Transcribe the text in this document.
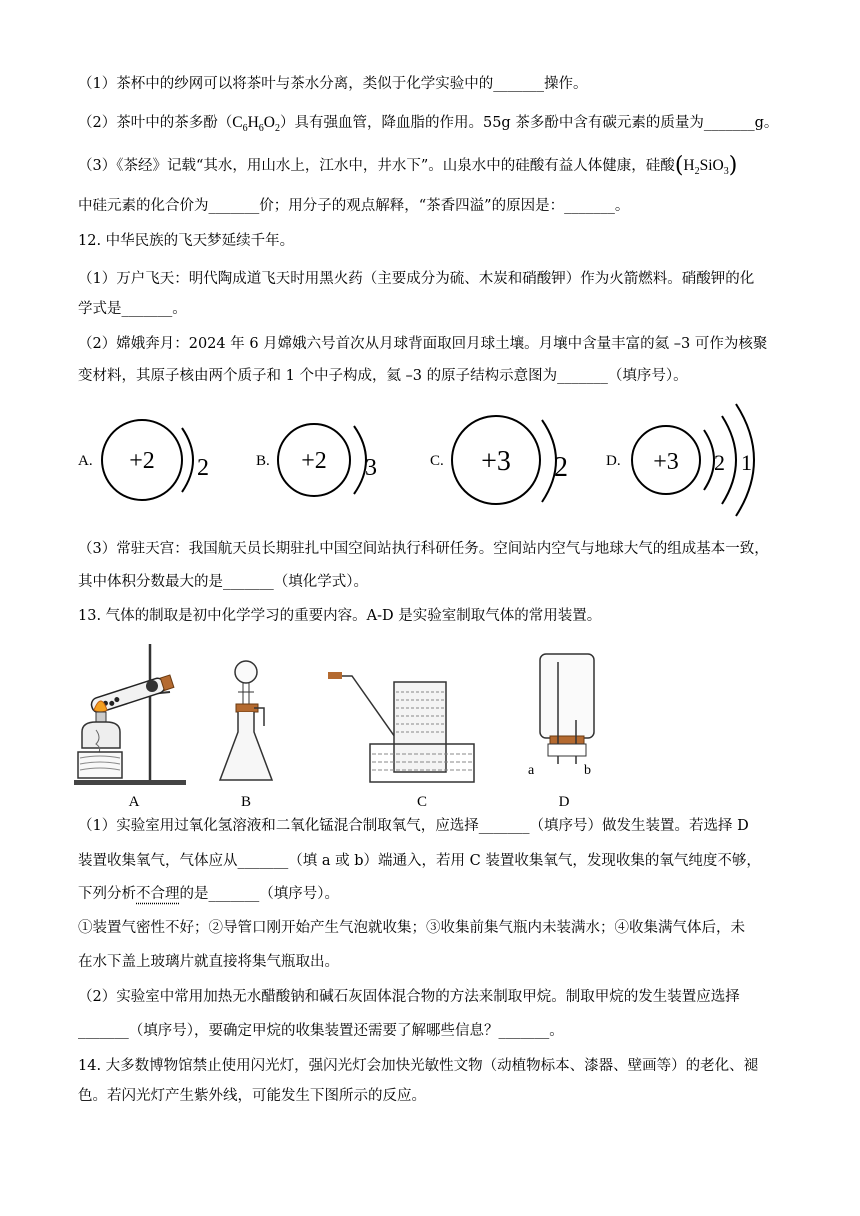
（1）茶杯中的纱网可以将茶叶与茶水分离，类似于化学实验中的_______操作。
（2）茶叶中的茶多酚$(C_6H_6O_2)$具有强血管，降血脂的作用。55g 茶多酚中含有碳元素的质量为_______g。
（3）《茶经》记载“其水，用山水上，江水中，井水下”。山泉水中的硅酸有益人体健康，硅酸$(H_2SiO_3)$
中硅元素的化合价为_______价；用分子的观点解释，“茶香四溢”的原因是：_______。
12. 中华民族的飞天梦延续千年。
（1）万户飞天：明代陶成道飞天时用黑火药（主要成分为硫、木炭和硝酸钾）作为火箭燃料。硝酸钾的化
学式是_______。
（2）嫦娥奔月：2024 年 6 月嫦娥六号首次从月球背面取回月球土壤。月壤中含量丰富的氦 –3 可作为核聚
变材料，其原子核由两个质子和 1 个中子构成，氦 –3 的原子结构示意图为_______（填序号）。
A. +2 2	B. +2 3	C. +3 2	D. +3 2 1
（3）常驻天宫：我国航天员长期驻扎中国空间站执行科研任务。空间站内空气与地球大气的组成基本一致，
其中体积分数最大的是_______（填化学式）。
13. 气体的制取是初中化学学习的重要内容。A-D 是实验室制取气体的常用装置。
A	B	C
a	b
D
（1）实验室用过氧化氢溶液和二氧化锰混合制取氧气，应选择_______（填序号）做发生装置。若选择 D
装置收集氧气，气体应从_______（填 a 或 b）端通入，若用 C 装置收集氧气，发现收集的氧气纯度不够，
下列分析不合理的是_______（填序号）。
①装置气密性不好；②导管口刚开始产生气泡就收集；③收集前集气瓶内未装满水；④收集满气体后，未
在水下盖上玻璃片就直接将集气瓶取出。
（2）实验室中常用加热无水醋酸钠和碱石灰固体混合物的方法来制取甲烷。制取甲烷的发生装置应选择
_______（填序号），要确定甲烷的收集装置还需要了解哪些信息？_______。
14. 大多数博物馆禁止使用闪光灯，强闪光灯会加快光敏性文物（动植物标本、漆器、壁画等）的老化、褪
色。若闪光灯产生紫外线，可能发生下图所示的反应。
